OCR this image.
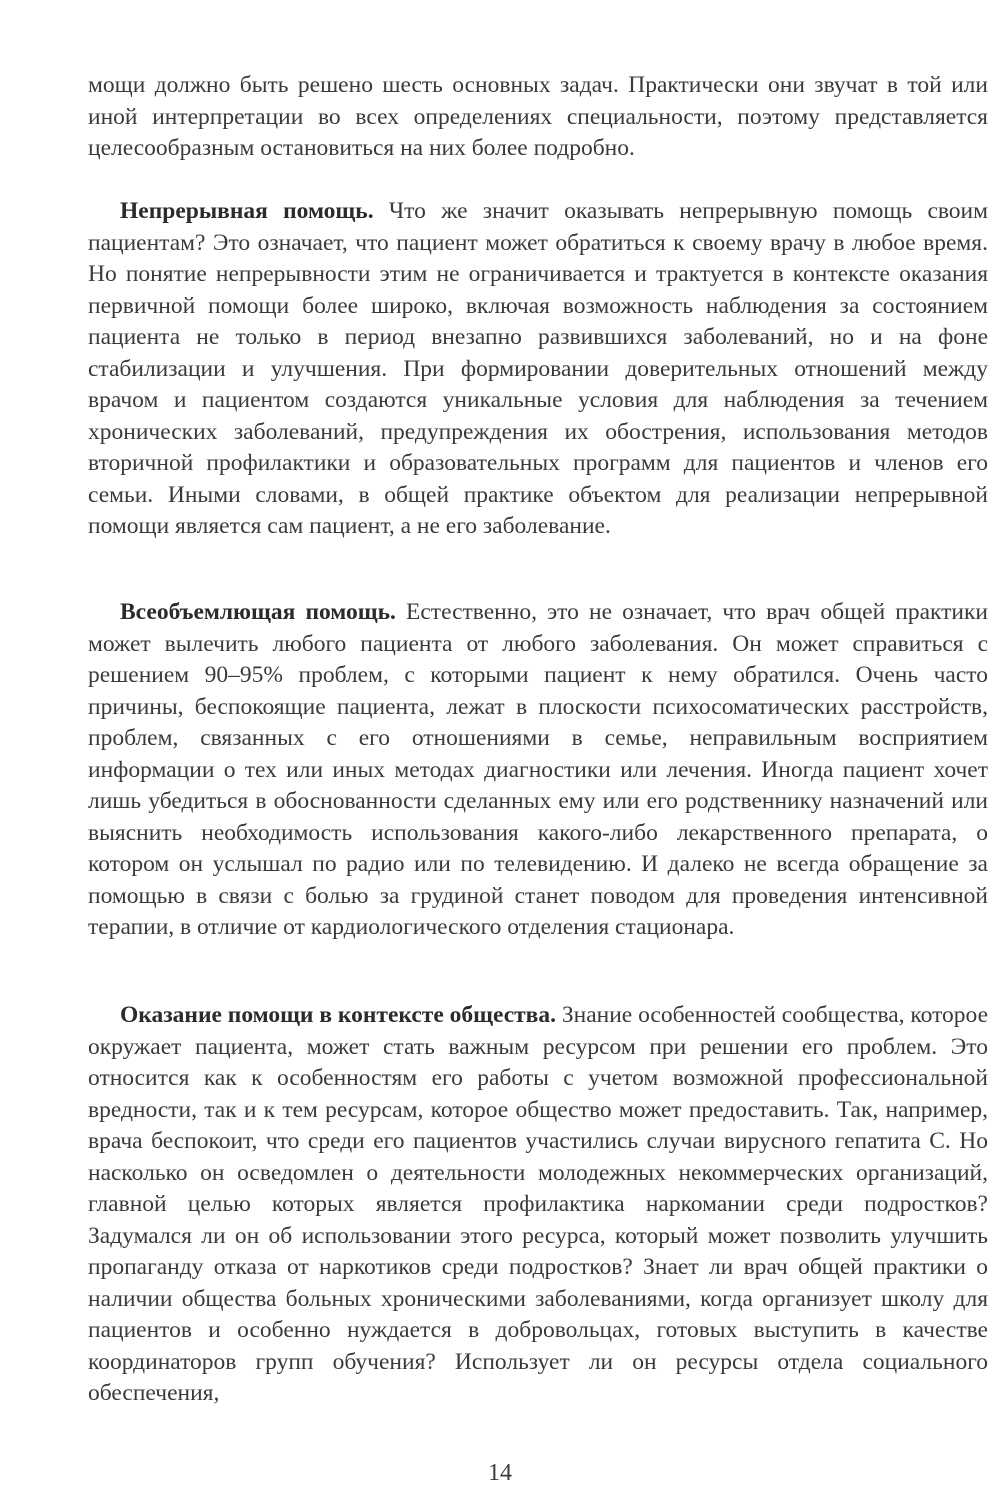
мощи должно быть решено шесть основных задач. Практически они звучат в той или иной интерпретации во всех определениях специальности, поэтому представляется целесообразным остановиться на них более подробно.

Непрерывная помощь. Что же значит оказывать непрерывную помощь своим пациентам? Это означает, что пациент может обратиться к своему врачу в любое время. Но понятие непрерывности этим не ограничивается и трактуется в контексте оказания первичной помощи более широко, включая возможность наблюдения за состоянием пациента не только в период внезапно развившихся заболеваний, но и на фоне стабилизации и улучшения. При формировании доверительных отношений между врачом и пациентом создаются уникальные условия для наблюдения за течением хронических заболеваний, предупреждения их обострения, использования методов вторичной профилактики и образовательных программ для пациентов и членов его семьи. Иными словами, в общей практике объектом для реализации непрерывной помощи является сам пациент, а не его заболевание.

Всеобъемлющая помощь. Естественно, это не означает, что врач общей практики может вылечить любого пациента от любого заболевания. Он может справиться с решением 90–95% проблем, с которыми пациент к нему обратился. Очень часто причины, беспокоящие пациента, лежат в плоскости психосоматических расстройств, проблем, связанных с его отношениями в семье, неправильным восприятием информации о тех или иных методах диагностики или лечения. Иногда пациент хочет лишь убедиться в обоснованности сделанных ему или его родственнику назначений или выяснить необходимость использования какого-либо лекарственного препарата, о котором он услышал по радио или по телевидению. И далеко не всегда обращение за помощью в связи с болью за грудиной станет поводом для проведения интенсивной терапии, в отличие от кардиологического отделения стационара.

Оказание помощи в контексте общества. Знание особенностей сообщества, которое окружает пациента, может стать важным ресурсом при решении его проблем. Это относится как к особенностям его работы с учетом возможной профессиональной вредности, так и к тем ресурсам, которое общество может предоставить. Так, например, врача беспокоит, что среди его пациентов участились случаи вирусного гепатита С. Но насколько он осведомлен о деятельности молодежных некоммерческих организаций, главной целью которых является профилактика наркомании среди подростков? Задумался ли он об использовании этого ресурса, который может позволить улучшить пропаганду отказа от наркотиков среди подростков? Знает ли врач общей практики о наличии общества больных хроническими заболеваниями, когда организует школу для пациентов и особенно нуждается в добровольцах, готовых выступить в качестве координаторов групп обучения? Использует ли он ресурсы отдела социального обеспечения,

14
